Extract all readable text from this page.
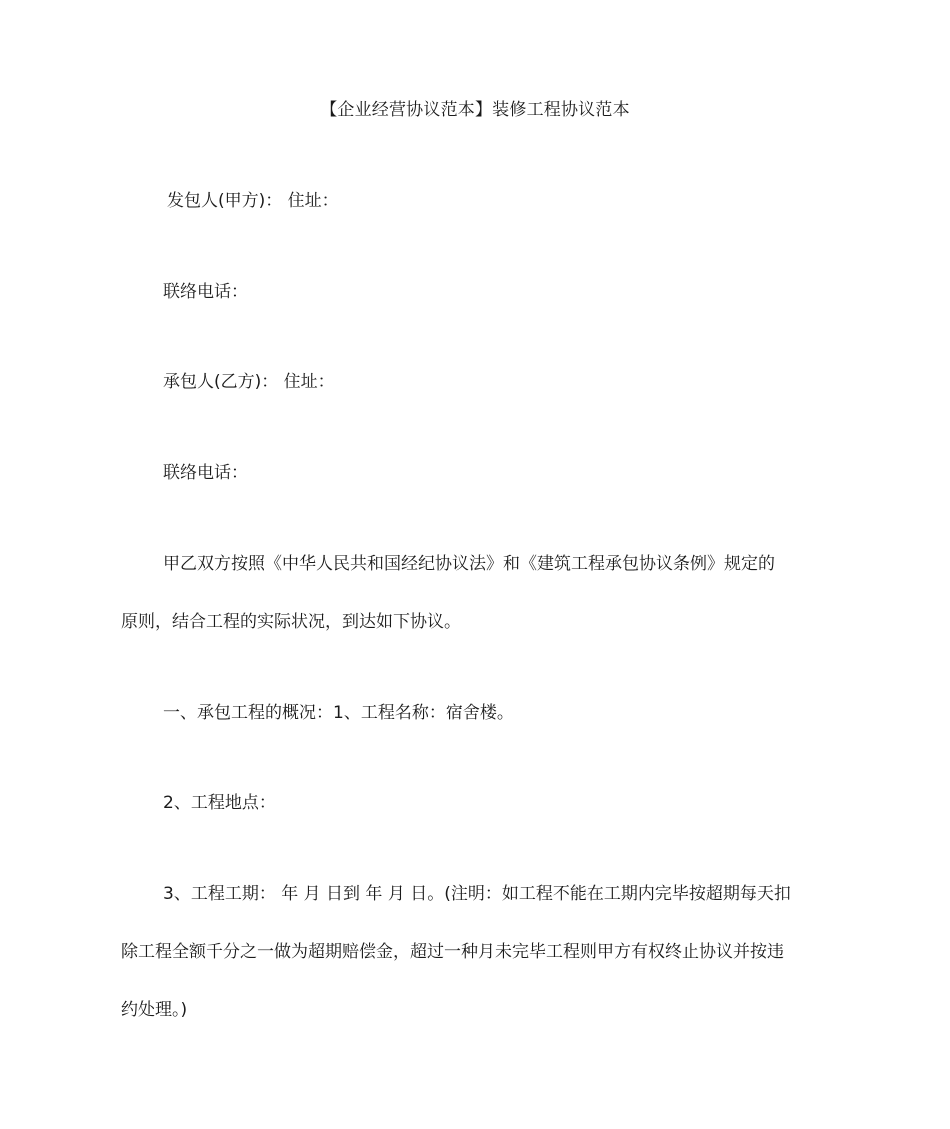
【企业经营协议范本】装修工程协议范本
发包人(甲方)： 住址：
联络电话：
承包人(乙方)： 住址：
联络电话：
甲乙双方按照《中华人民共和国经纪协议法》和《建筑工程承包协议条例》规定的
原则，结合工程的实际状况，到达如下协议。
一、承包工程的概况：1、工程名称：宿舍楼。
2、工程地点：
3、工程工期： 年 月 日到 年 月 日。(注明：如工程不能在工期内完毕按超期每天扣
除工程全额千分之一做为超期赔偿金，超过一种月未完毕工程则甲方有权终止协议并按违
约处理。)
